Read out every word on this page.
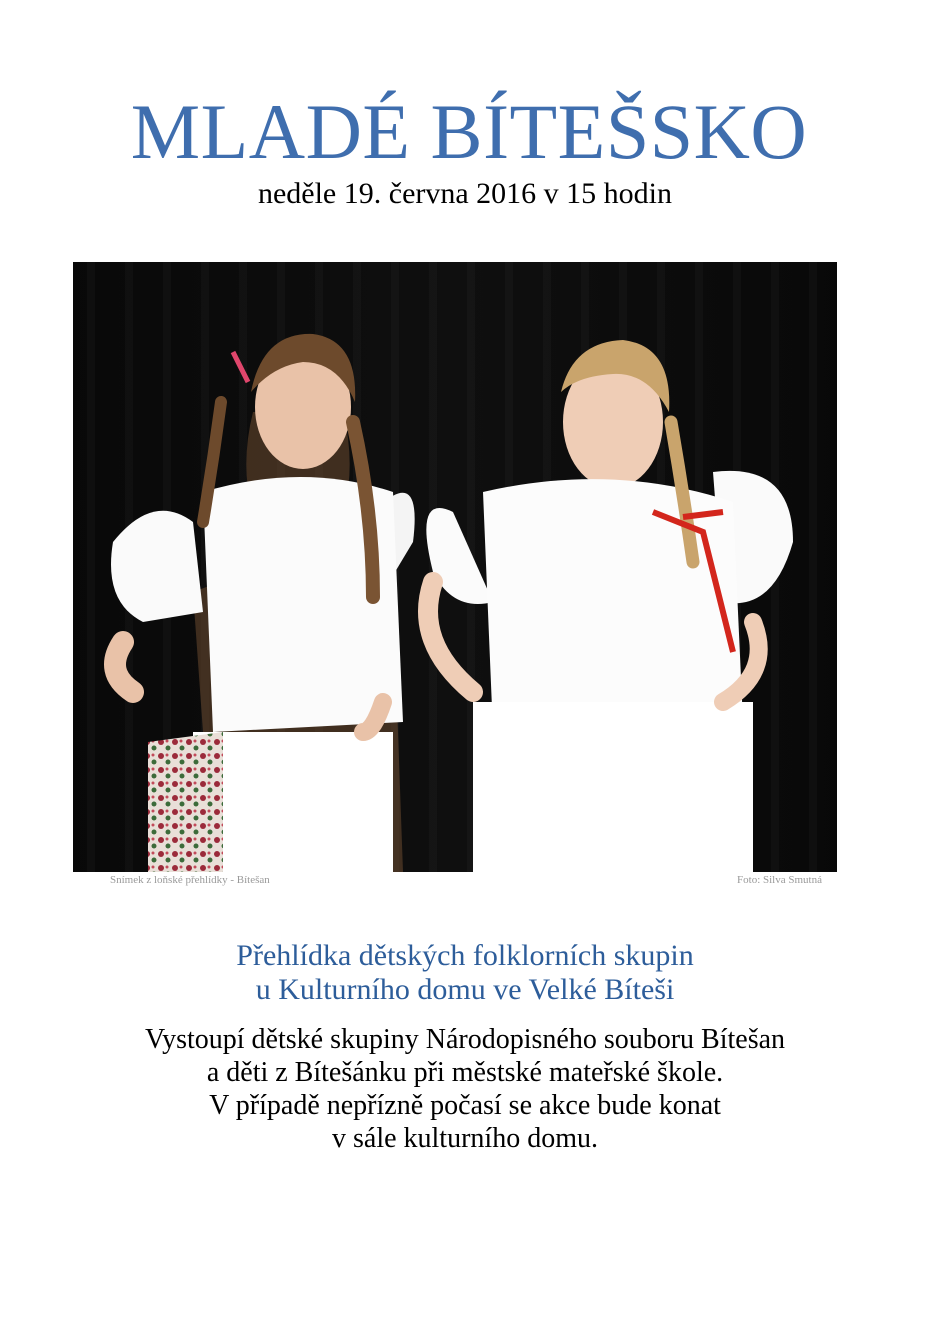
MLADÉ BÍTEŠSKO
neděle 19. června 2016 v 15 hodin
Snímek z loňské přehlídky - Bítešan	Foto: Silva Smutná
Přehlídka dětských folklorních skupin
u Kulturního domu ve Velké Bíteši
Vystoupí dětské skupiny Národopisného souboru Bítešan
a děti z Bítešánku při městské mateřské škole.
V případě nepřízně počasí se akce bude konat
v sále kulturního domu.
